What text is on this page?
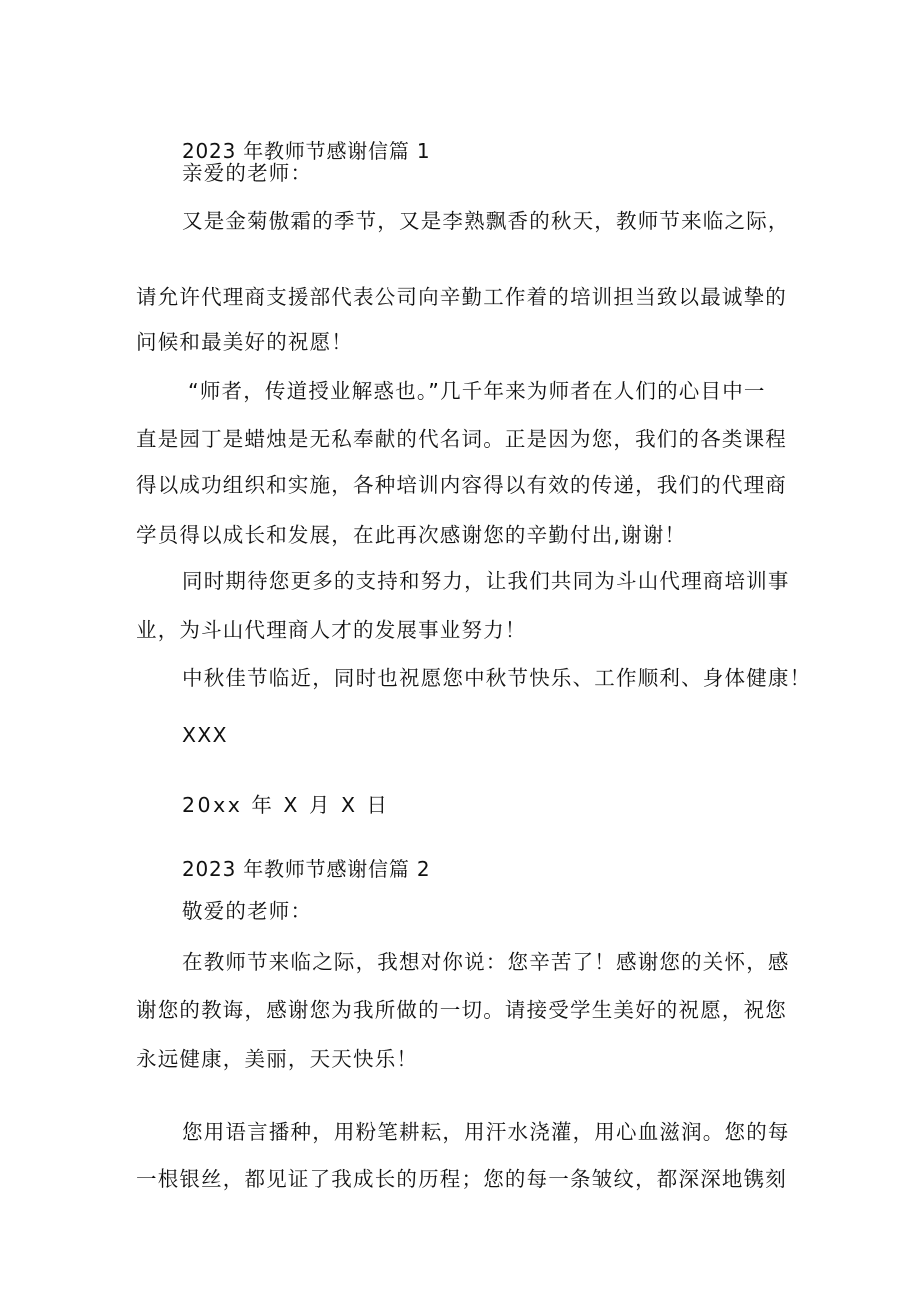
2023 年教师节感谢信篇 1
亲爱的老师：
又是金菊傲霜的季节，又是李熟飘香的秋天，教师节来临之际，
请允许代理商支援部代表公司向辛勤工作着的培训担当致以最诚挚的
问候和最美好的祝愿！
“师者，传道授业解惑也。”几千年来为师者在人们的心目中一
直是园丁是蜡烛是无私奉献的代名词。正是因为您，我们的各类课程
得以成功组织和实施，各种培训内容得以有效的传递，我们的代理商
学员得以成长和发展，在此再次感谢您的辛勤付出,谢谢！
同时期待您更多的支持和努力，让我们共同为斗山代理商培训事
业，为斗山代理商人才的发展事业努力！
中秋佳节临近，同时也祝愿您中秋节快乐、工作顺利、身体健康！
XXX
20xx 年 X 月 X 日
2023 年教师节感谢信篇 2
敬爱的老师：
在教师节来临之际，我想对你说：您辛苦了！感谢您的关怀，感
谢您的教诲，感谢您为我所做的一切。请接受学生美好的祝愿，祝您
永远健康，美丽，天天快乐！
您用语言播种，用粉笔耕耘，用汗水浇灌，用心血滋润。您的每
一根银丝，都见证了我成长的历程；您的每一条皱纹，都深深地镌刻
